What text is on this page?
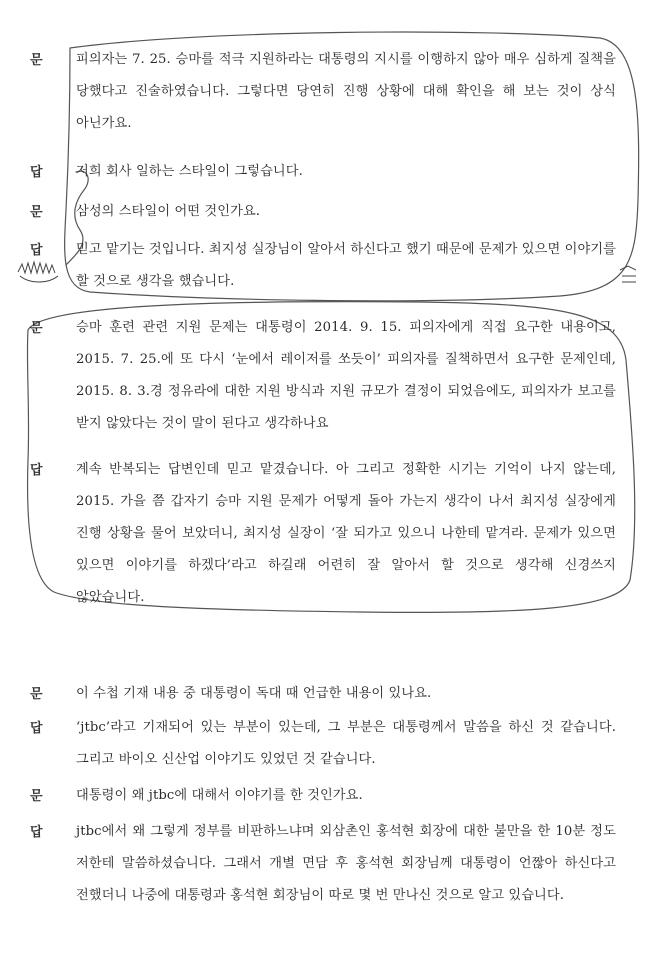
문	피의자는 7. 25. 승마를 적극 지원하라는 대통령의 지시를 이행하지 않아 매우 심하게 질책을 당했다고 진술하였습니다. 그렇다면 당연히 진행 상황에 대해 확인을 해 보는 것이 상식 아닌가요.
답	저희 회사 일하는 스타일이 그렇습니다.
문	삼성의 스타일이 어떤 것인가요.
답	믿고 맡기는 것입니다. 최지성 실장님이 알아서 하신다고 했기 때문에 문제가 있으면 이야기를 할 것으로 생각을 했습니다.
문	승마 훈련 관련 지원 문제는 대통령이 2014. 9. 15. 피의자에게 직접 요구한 내용이고, 2015. 7. 25.에 또 다시 ‘눈에서 레이저를 쏘듯이’ 피의자를 질책하면서 요구한 문제인데, 2015. 8. 3.경 정유라에 대한 지원 방식과 지원 규모가 결정이 되었음에도, 피의자가 보고를 받지 않았다는 것이 말이 된다고 생각하나요
답	계속 반복되는 답변인데 믿고 맡겼습니다. 아 그리고 정확한 시기는 기억이 나지 않는데, 2015. 가을 쯤 갑자기 승마 지원 문제가 어떻게 돌아 가는지 생각이 나서 최지성 실장에게 진행 상황을 물어 보았더니, 최지성 실장이 ‘잘 되가고 있으니 나한테 맡겨라. 문제가 있으면 있으면 이야기를 하겠다’라고 하길래 어련히 잘 알아서 할 것으로 생각해 신경쓰지 않았습니다.
문	이 수첩 기재 내용 중 대통령이 독대 때 언급한 내용이 있나요.
답	‘jtbc’라고 기재되어 있는 부분이 있는데, 그 부분은 대통령께서 말씀을 하신 것 같습니다. 그리고 바이오 신산업 이야기도 있었던 것 같습니다.
문	대통령이 왜 jtbc에 대해서 이야기를 한 것인가요.
답	jtbc에서 왜 그렇게 정부를 비판하느냐며 외삼촌인 홍석현 회장에 대한 불만을 한 10분 정도 저한테 말씀하셨습니다. 그래서 개별 면담 후 홍석현 회장님께 대통령이 언짢아 하신다고 전했더니 나중에 대통령과 홍석현 회장님이 따로 몇 번 만나신 것으로 알고 있습니다.
